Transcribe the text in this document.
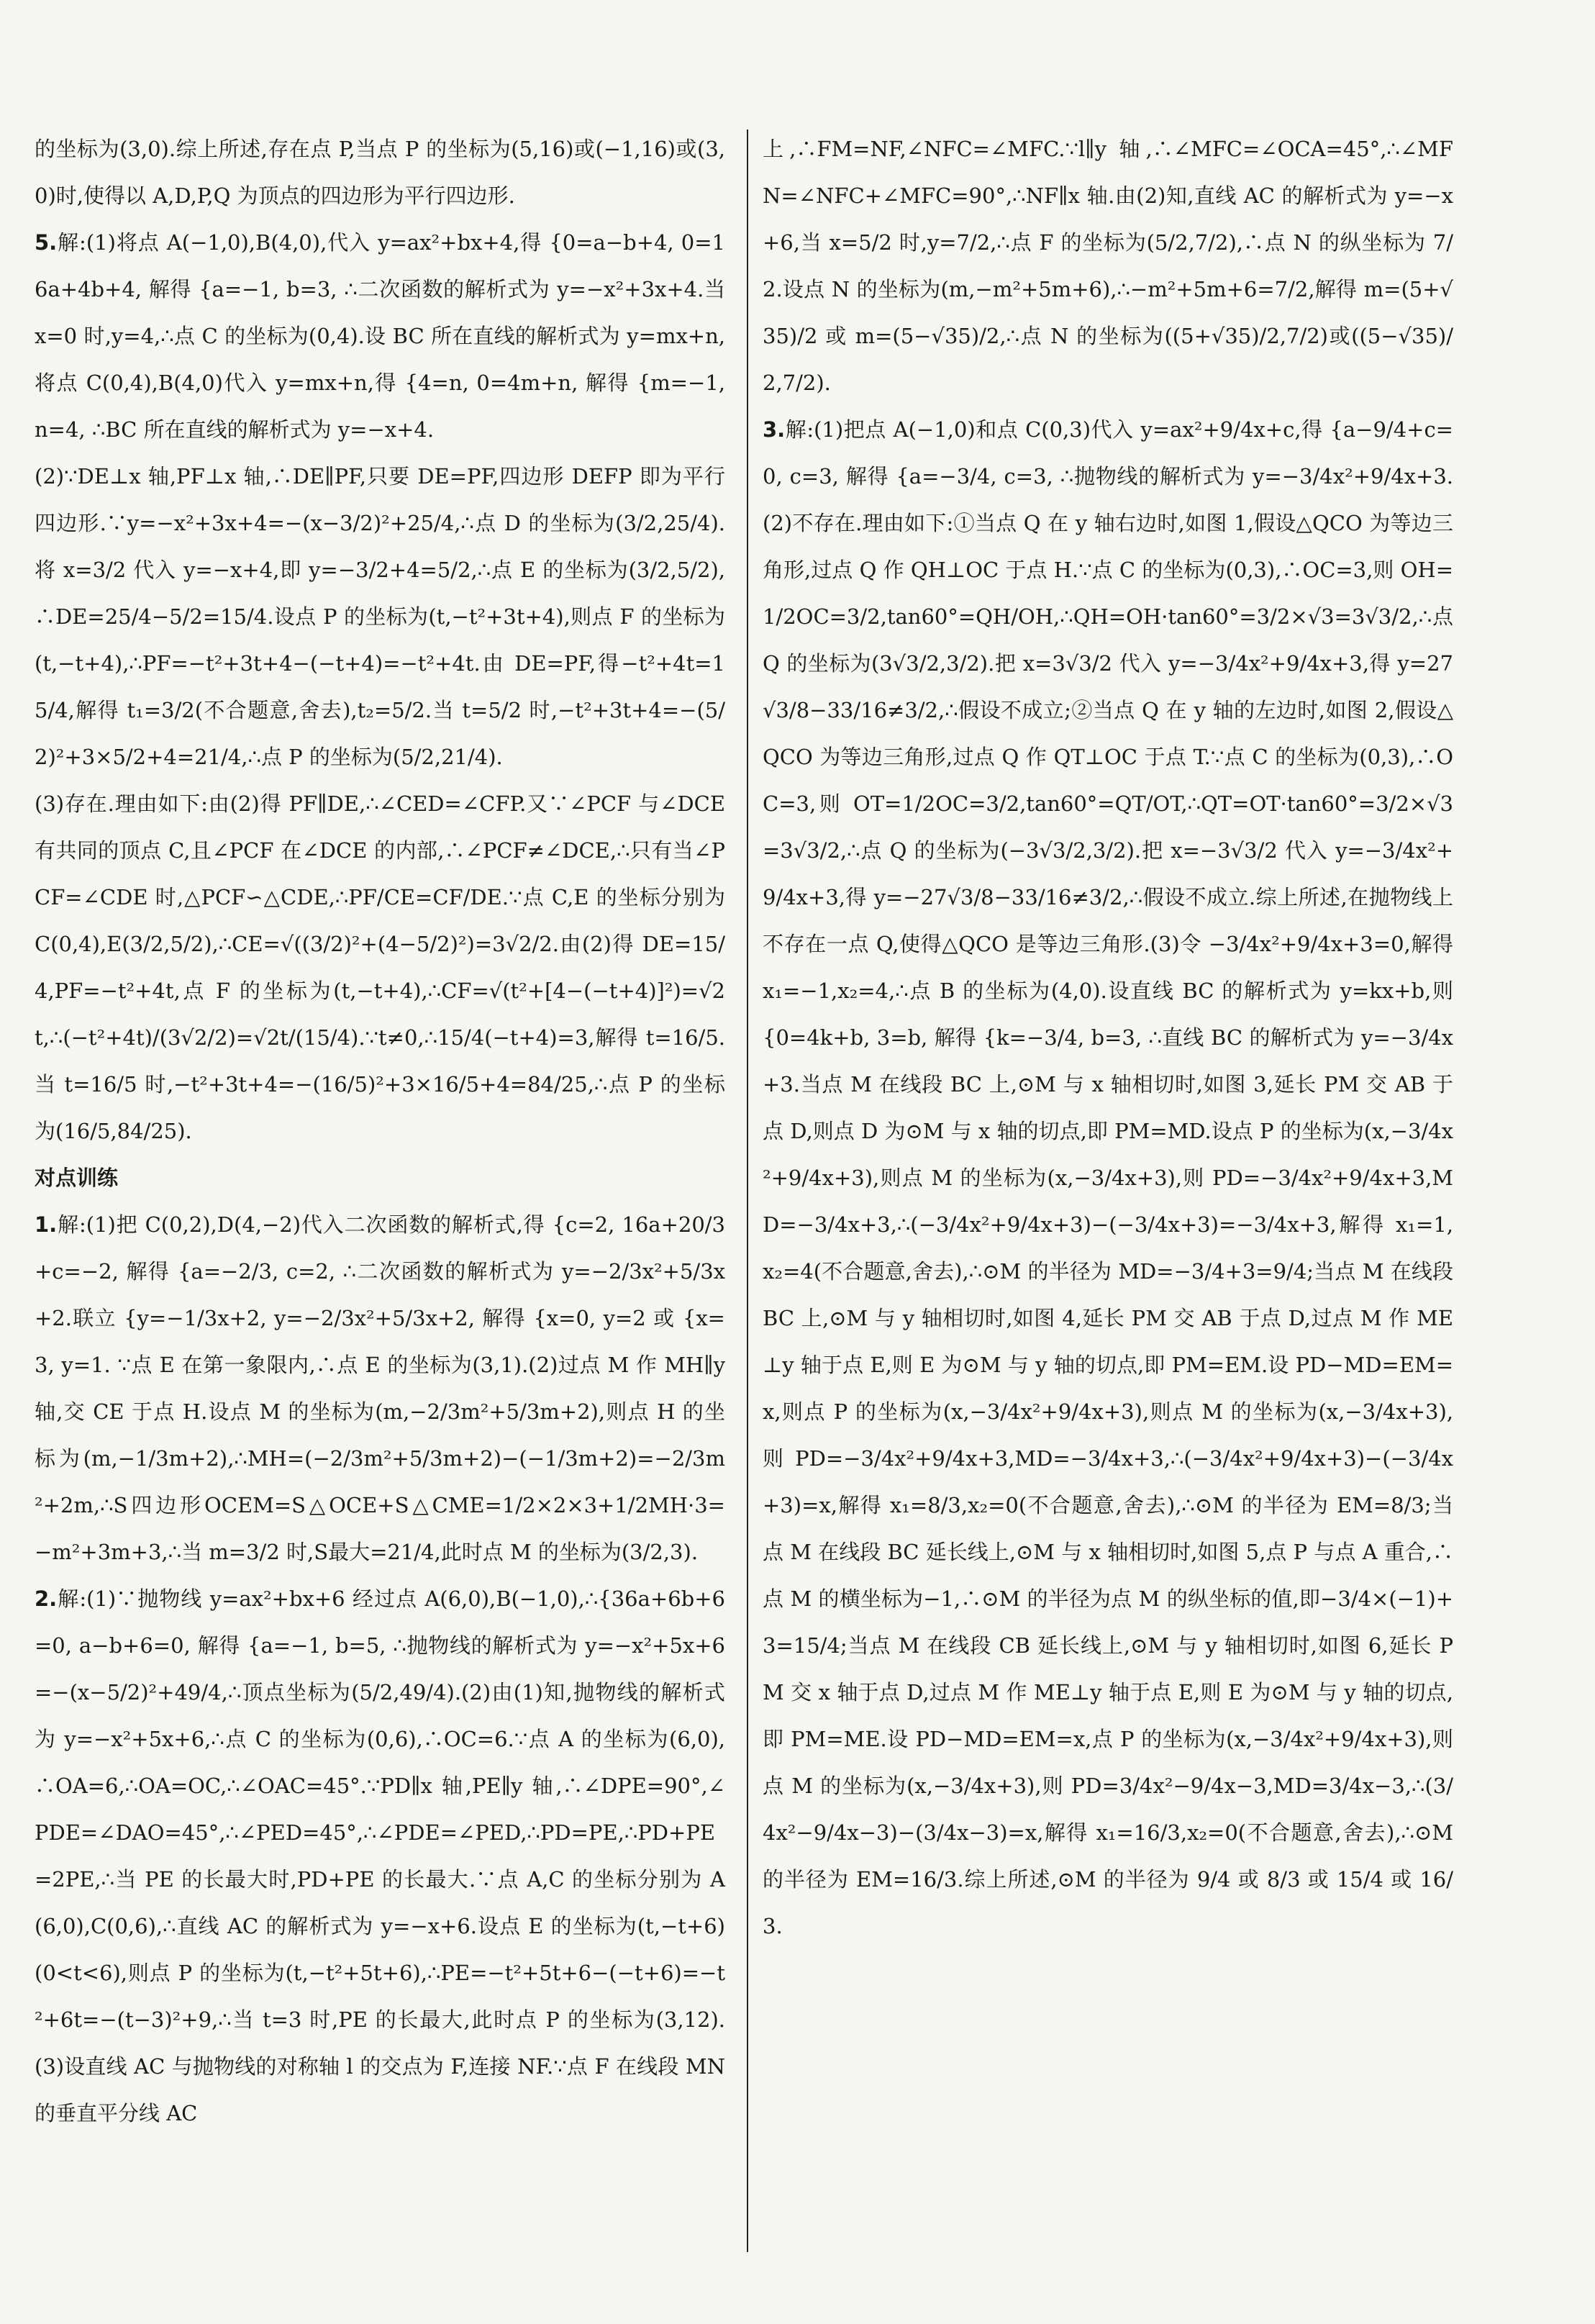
的坐标为(3,0).综上所述,存在点 P,当点 P 的坐标为(5,16)或(−1,16)或(3,0)时,使得以 A,D,P,Q 为顶点的四边形为平行四边形.

5.解:(1)将点 A(−1,0),B(4,0),代入 y=ax²+bx+4,得 {0=a−b+4, 0=16a+4b+4, 解得 {a=−1, b=3, ∴二次函数的解析式为 y=−x²+3x+4.当 x=0 时,y=4,∴点 C 的坐标为(0,4).设 BC 所在直线的解析式为 y=mx+n,将点 C(0,4),B(4,0)代入 y=mx+n,得 {4=n, 0=4m+n, 解得 {m=−1, n=4, ∴BC 所在直线的解析式为 y=−x+4.

(2)∵DE⊥x 轴,PF⊥x 轴,∴DE∥PF,只要 DE=PF,四边形 DEFP 即为平行四边形.∵y=−x²+3x+4=−(x−3/2)²+25/4,∴点 D 的坐标为(3/2,25/4).将 x=3/2 代入 y=−x+4,即 y=−3/2+4=5/2,∴点 E 的坐标为(3/2,5/2),∴DE=25/4−5/2=15/4.设点 P 的坐标为(t,−t²+3t+4),则点 F 的坐标为(t,−t+4),∴PF=−t²+3t+4−(−t+4)=−t²+4t.由 DE=PF,得−t²+4t=15/4,解得 t₁=3/2(不合题意,舍去),t₂=5/2.当 t=5/2 时,−t²+3t+4=−(5/2)²+3×5/2+4=21/4,∴点 P 的坐标为(5/2,21/4).

(3)存在.理由如下:由(2)得 PF∥DE,∴∠CED=∠CFP.又∵∠PCF 与∠DCE 有共同的顶点 C,且∠PCF 在∠DCE 的内部,∴∠PCF≠∠DCE,∴只有当∠PCF=∠CDE 时,△PCF∽△CDE,∴PF/CE=CF/DE.∵点 C,E 的坐标分别为 C(0,4),E(3/2,5/2),∴CE=√((3/2)²+(4−5/2)²)=3√2/2.由(2)得 DE=15/4,PF=−t²+4t,点 F 的坐标为(t,−t+4),∴CF=√(t²+[4−(−t+4)]²)=√2 t,∴(−t²+4t)/(3√2/2)=√2t/(15/4).∵t≠0,∴15/4(−t+4)=3,解得 t=16/5.当 t=16/5 时,−t²+3t+4=−(16/5)²+3×16/5+4=84/25,∴点 P 的坐标为(16/5,84/25).

对点训练

1.解:(1)把 C(0,2),D(4,−2)代入二次函数的解析式,得 {c=2, 16a+20/3+c=−2, 解得 {a=−2/3, c=2, ∴二次函数的解析式为 y=−2/3x²+5/3x+2.联立 {y=−1/3x+2, y=−2/3x²+5/3x+2, 解得 {x=0, y=2 或 {x=3, y=1. ∵点 E 在第一象限内,∴点 E 的坐标为(3,1).(2)过点 M 作 MH∥y 轴,交 CE 于点 H.设点 M 的坐标为(m,−2/3m²+5/3m+2),则点 H 的坐标为(m,−1/3m+2),∴MH=(−2/3m²+5/3m+2)−(−1/3m+2)=−2/3m²+2m,∴S四边形OCEM=S△OCE+S△CME=1/2×2×3+1/2MH·3=−m²+3m+3,∴当 m=3/2 时,S最大=21/4,此时点 M 的坐标为(3/2,3).

2.解:(1)∵抛物线 y=ax²+bx+6 经过点 A(6,0),B(−1,0),∴{36a+6b+6=0, a−b+6=0, 解得 {a=−1, b=5, ∴抛物线的解析式为 y=−x²+5x+6=−(x−5/2)²+49/4,∴顶点坐标为(5/2,49/4).(2)由(1)知,抛物线的解析式为 y=−x²+5x+6,∴点 C 的坐标为(0,6),∴OC=6.∵点 A 的坐标为(6,0),∴OA=6,∴OA=OC,∴∠OAC=45°.∵PD∥x 轴,PE∥y 轴,∴∠DPE=90°,∠PDE=∠DAO=45°,∴∠PED=45°,∴∠PDE=∠PED,∴PD=PE,∴PD+PE=2PE,∴当 PE 的长最大时,PD+PE 的长最大.∵点 A,C 的坐标分别为 A(6,0),C(0,6),∴直线 AC 的解析式为 y=−x+6.设点 E 的坐标为(t,−t+6)(0<t<6),则点 P 的坐标为(t,−t²+5t+6),∴PE=−t²+5t+6−(−t+6)=−t²+6t=−(t−3)²+9,∴当 t=3 时,PE 的长最大,此时点 P 的坐标为(3,12).(3)设直线 AC 与抛物线的对称轴 l 的交点为 F,连接 NF.∵点 F 在线段 MN 的垂直平分线 AC

上,∴FM=NF,∠NFC=∠MFC.∵l∥y 轴,∴∠MFC=∠OCA=45°,∴∠MFN=∠NFC+∠MFC=90°,∴NF∥x 轴.由(2)知,直线 AC 的解析式为 y=−x+6,当 x=5/2 时,y=7/2,∴点 F 的坐标为(5/2,7/2),∴点 N 的纵坐标为 7/2.设点 N 的坐标为(m,−m²+5m+6),∴−m²+5m+6=7/2,解得 m=(5+√35)/2 或 m=(5−√35)/2,∴点 N 的坐标为((5+√35)/2,7/2)或((5−√35)/2,7/2).

3.解:(1)把点 A(−1,0)和点 C(0,3)代入 y=ax²+9/4x+c,得 {a−9/4+c=0, c=3, 解得 {a=−3/4, c=3, ∴抛物线的解析式为 y=−3/4x²+9/4x+3.(2)不存在.理由如下:①当点 Q 在 y 轴右边时,如图 1,假设△QCO 为等边三角形,过点 Q 作 QH⊥OC 于点 H.∵点 C 的坐标为(0,3),∴OC=3,则 OH=1/2OC=3/2,tan60°=QH/OH,∴QH=OH·tan60°=3/2×√3=3√3/2,∴点 Q 的坐标为(3√3/2,3/2).把 x=3√3/2 代入 y=−3/4x²+9/4x+3,得 y=27√3/8−33/16≠3/2,∴假设不成立;②当点 Q 在 y 轴的左边时,如图 2,假设△QCO 为等边三角形,过点 Q 作 QT⊥OC 于点 T.∵点 C 的坐标为(0,3),∴OC=3,则 OT=1/2OC=3/2,tan60°=QT/OT,∴QT=OT·tan60°=3/2×√3=3√3/2,∴点 Q 的坐标为(−3√3/2,3/2).把 x=−3√3/2 代入 y=−3/4x²+9/4x+3,得 y=−27√3/8−33/16≠3/2,∴假设不成立.综上所述,在抛物线上不存在一点 Q,使得△QCO 是等边三角形.(3)令 −3/4x²+9/4x+3=0,解得 x₁=−1,x₂=4,∴点 B 的坐标为(4,0).设直线 BC 的解析式为 y=kx+b,则 {0=4k+b, 3=b, 解得 {k=−3/4, b=3, ∴直线 BC 的解析式为 y=−3/4x+3.当点 M 在线段 BC 上,⊙M 与 x 轴相切时,如图 3,延长 PM 交 AB 于点 D,则点 D 为⊙M 与 x 轴的切点,即 PM=MD.设点 P 的坐标为(x,−3/4x²+9/4x+3),则点 M 的坐标为(x,−3/4x+3),则 PD=−3/4x²+9/4x+3,MD=−3/4x+3,∴(−3/4x²+9/4x+3)−(−3/4x+3)=−3/4x+3,解得 x₁=1,x₂=4(不合题意,舍去),∴⊙M 的半径为 MD=−3/4+3=9/4;当点 M 在线段 BC 上,⊙M 与 y 轴相切时,如图 4,延长 PM 交 AB 于点 D,过点 M 作 ME⊥y 轴于点 E,则 E 为⊙M 与 y 轴的切点,即 PM=EM.设 PD−MD=EM=x,则点 P 的坐标为(x,−3/4x²+9/4x+3),则点 M 的坐标为(x,−3/4x+3),则 PD=−3/4x²+9/4x+3,MD=−3/4x+3,∴(−3/4x²+9/4x+3)−(−3/4x+3)=x,解得 x₁=8/3,x₂=0(不合题意,舍去),∴⊙M 的半径为 EM=8/3;当点 M 在线段 BC 延长线上,⊙M 与 x 轴相切时,如图 5,点 P 与点 A 重合,∴点 M 的横坐标为−1,∴⊙M 的半径为点 M 的纵坐标的值,即−3/4×(−1)+3=15/4;当点 M 在线段 CB 延长线上,⊙M 与 y 轴相切时,如图 6,延长 PM 交 x 轴于点 D,过点 M 作 ME⊥y 轴于点 E,则 E 为⊙M 与 y 轴的切点,即 PM=ME.设 PD−MD=EM=x,点 P 的坐标为(x,−3/4x²+9/4x+3),则点 M 的坐标为(x,−3/4x+3),则 PD=3/4x²−9/4x−3,MD=3/4x−3,∴(3/4x²−9/4x−3)−(3/4x−3)=x,解得 x₁=16/3,x₂=0(不合题意,舍去),∴⊙M 的半径为 EM=16/3.综上所述,⊙M 的半径为 9/4 或 8/3 或 15/4 或 16/3.
